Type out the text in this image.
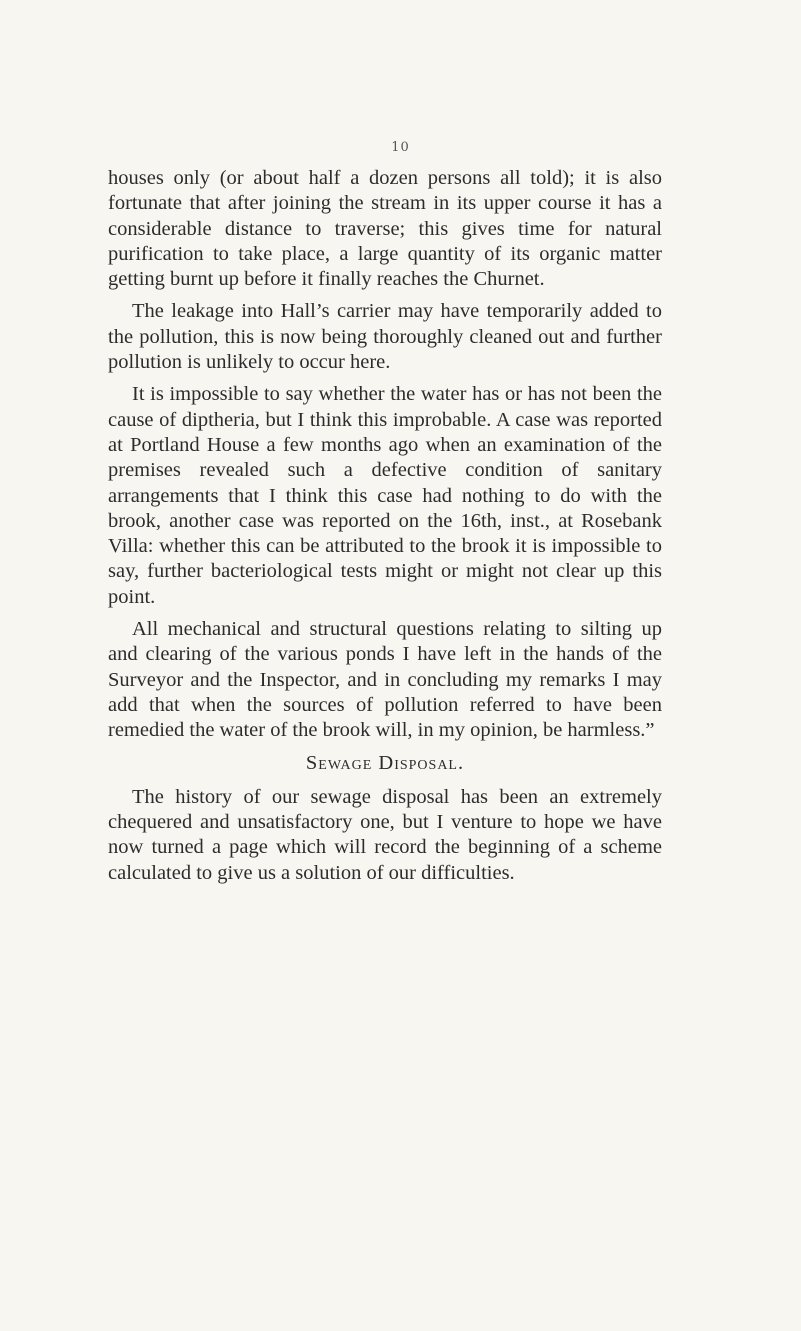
10

houses only (or about half a dozen persons all told); it is also fortunate that after joining the stream in its upper course it has a considerable distance to traverse; this gives time for natural purification to take place, a large quantity of its organic matter getting burnt up before it finally reaches the Churnet.

The leakage into Hall’s carrier may have temporarily added to the pollution, this is now being thoroughly cleaned out and further pollution is unlikely to occur here.

It is impossible to say whether the water has or has not been the cause of diptheria, but I think this improbable. A case was reported at Portland House a few months ago when an examination of the premises revealed such a defective condition of sanitary arrangements that I think this case had nothing to do with the brook, another case was reported on the 16th, inst., at Rosebank Villa: whether this can be attributed to the brook it is impossible to say, further bacteriological tests might or might not clear up this point.

All mechanical and structural questions relating to silting up and clearing of the various ponds I have left in the hands of the Surveyor and the Inspector, and in concluding my remarks I may add that when the sources of pollution referred to have been remedied the water of the brook will, in my opinion, be harmless.”

Sewage Disposal.

The history of our sewage disposal has been an extremely chequered and unsatisfactory one, but I venture to hope we have now turned a page which will record the beginning of a scheme calculated to give us a solution of our difficulties.
